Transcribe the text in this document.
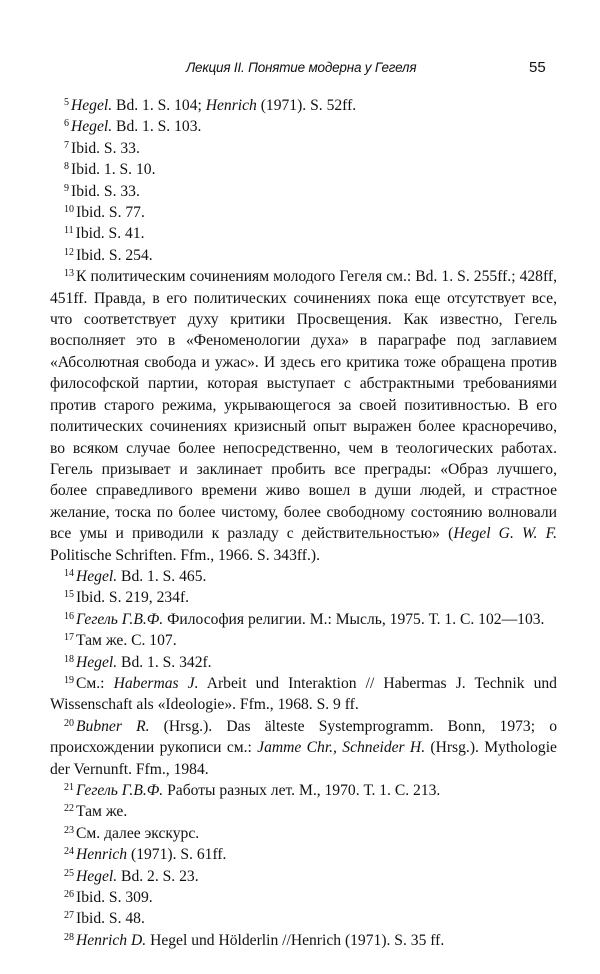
Лекция II. Понятие модерна у Гегеля	55

$^5$ Hegel. Bd. 1. S. 104; Henrich (1971). S. 52ff.

$^6$ Hegel. Bd. 1. S. 103.

$^7$ Ibid. S. 33.

$^8$ Ibid. 1. S. 10.

$^9$ Ibid. S. 33.

$^{10}$ Ibid. S. 77.

$^{11}$ Ibid. S. 41.

$^{12}$ Ibid. S. 254.

$^{13}$ К политическим сочинениям молодого Гегеля см.: Bd. 1. S. 255ff.; 428ff, 451ff. Правда, в его политических сочинениях пока еще отсутствует все, что соответствует духу критики Просвещения. Как известно, Гегель восполняет это в «Феноменологии духа» в параграфе под заглавием «Абсолютная свобода и ужас». И здесь его критика тоже обращена против философской партии, которая выступает с абстрактными требованиями против старого режима, укрывающегося за своей позитивностью. В его политических сочинениях кризисный опыт выражен более красноречиво, во всяком случае более непосредственно, чем в теологических работах. Гегель призывает и заклинает пробить все преграды: «Образ лучшего, более справедливого времени живо вошел в души людей, и страстное желание, тоска по более чистому, более свободному состоянию волновали все умы и приводили к разладу с действительностью» (Hegel G. W. F. Politische Schriften. Ffm., 1966. S. 343ff.).

$^{14}$ Hegel. Bd. 1. S. 465.

$^{15}$ Ibid. S. 219, 234f.

$^{16}$ Гегель Г.В.Ф. Философия религии. М.: Мысль, 1975. Т. 1. С. 102—103.

$^{17}$ Там же. С. 107.

$^{18}$ Hegel. Bd. 1. S. 342f.

$^{19}$ См.: Habermas J. Arbeit und Interaktion // Habermas J. Technik und Wissenschaft als «Ideologie». Ffm., 1968. S. 9 ff.

$^{20}$ Bubner R. (Hrsg.). Das älteste Systemprogramm. Bonn, 1973; о происхождении рукописи см.: Jamme Chr., Schneider H. (Hrsg.). Mythologie der Vernunft. Ffm., 1984.

$^{21}$ Гегель Г.В.Ф. Работы разных лет. М., 1970. Т. 1. С. 213.

$^{22}$ Там же.

$^{23}$ См. далее экскурс.

$^{24}$ Henrich (1971). S. 61ff.

$^{25}$ Hegel. Bd. 2. S. 23.

$^{26}$ Ibid. S. 309.

$^{27}$ Ibid. S. 48.

$^{28}$ Henrich D. Hegel und Hölderlin //Henrich (1971). S. 35 ff.
